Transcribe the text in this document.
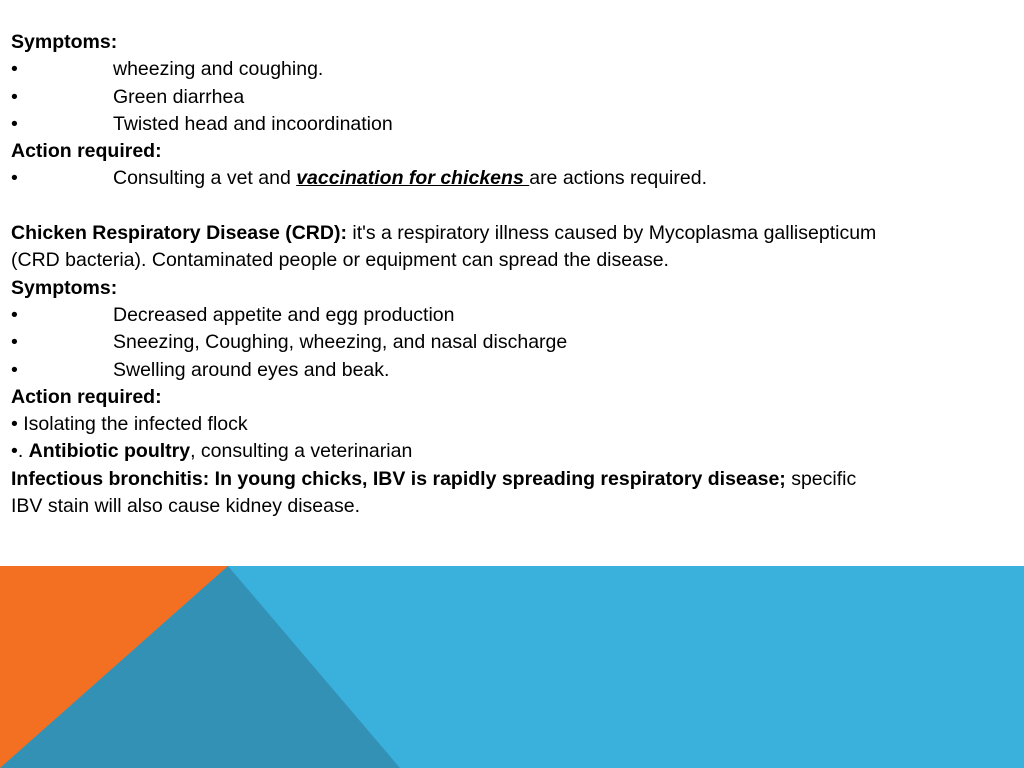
Symptoms:
•	wheezing and coughing.
•	Green diarrhea
•	Twisted head and incoordination
Action required:
•	Consulting a vet and vaccination for chickens are actions required.
Chicken Respiratory Disease (CRD): it's a respiratory illness caused by Mycoplasma gallisepticum
(CRD bacteria). Contaminated people or equipment can spread the disease.
Symptoms:
•	Decreased appetite and egg production
•	Sneezing, Coughing, wheezing, and nasal discharge
•	Swelling around eyes and beak.
Action required:
• Isolating the infected flock
•. Antibiotic poultry, consulting a veterinarian
Infectious bronchitis: In young chicks, IBV is rapidly spreading respiratory disease; specific
IBV stain will also cause kidney disease.
